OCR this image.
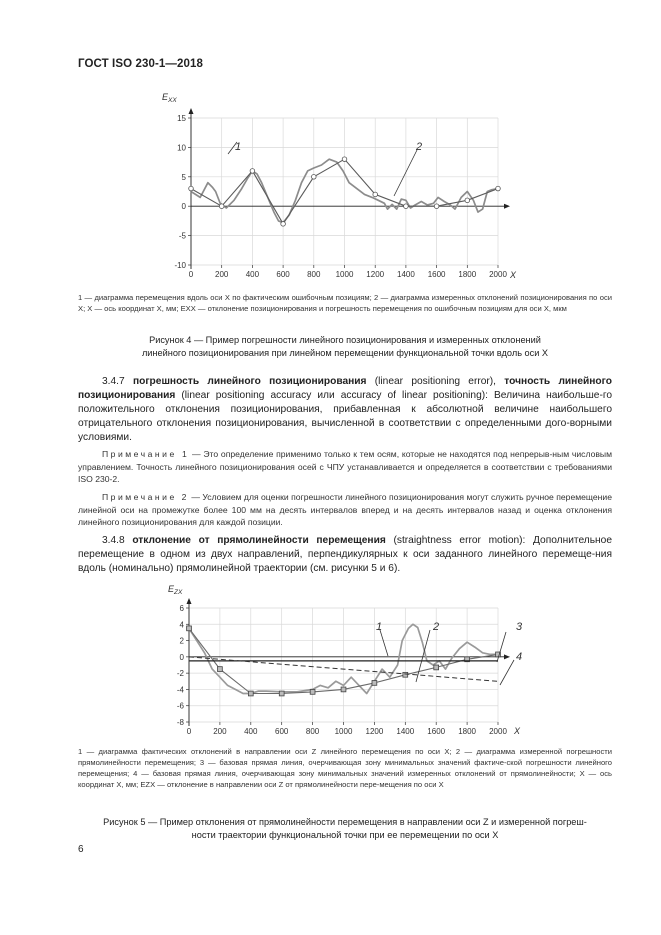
ГОСТ ISO 230-1—2018
-10
-5
0
5
10
15
0	200 400 600 800 1000 1200 1400 1600 1800 2000
$E_{XX}$
X
1	2
1 — диаграмма перемещения вдоль оси X по фактическим ошибочным позициям; 2 — диаграмма измеренных отклонений позиционирования по оси X; X — ось координат X, мм; EXX — отклонение позиционирования и погрешность перемещения по ошибочным позициям для оси X, мкм
Рисунок 4 — Пример погрешности линейного позиционирования и измеренных отклонений
линейного позиционирования при линейном перемещении функциональной точки вдоль оси X
3.4.7 погрешность линейного позиционирования (linear positioning error), точность линейного позиционирования (linear positioning accuracy или accuracy of linear positioning): Величина наибольше-го положительного отклонения позиционирования, прибавленная к абсолютной величине наибольшего отрицательного отклонения позиционирования, вычисленной в соответствии с определенными дого-ворными условиями.
Примечание 1 — Это определение применимо только к тем осям, которые не находятся под непрерыв-ным числовым управлением. Точность линейного позиционирования осей с ЧПУ устанавливается и определяется в соответствии с требованиями ISO 230-2.
Примечание 2 — Условием для оценки погрешности линейного позиционирования могут служить ручное перемещение линейной оси на промежутке более 100 мм на десять интервалов вперед и на десять интервалов назад и оценка отклонения линейного позиционирования для каждой позиции.
3.4.8 отклонение от прямолинейности перемещения (straightness error motion): Дополнительное перемещение в одном из двух направлений, перпендикулярных к оси заданного линейного перемеще-ния вдоль (номинально) прямолинейной траектории (см. рисунки 5 и 6).
-8
-6
-4
-2
0
2
4
6
0	200 400 600 800 1000 1200 1400 1600 1800 2000
$E_{ZX}$
X
1	2	3
4
1 — диаграмма фактических отклонений в направлении оси Z линейного перемещения по оси X; 2 — диаграмма измеренной погрешности прямолинейности перемещения; 3 — базовая прямая линия, очерчивающая зону минимальных значений фактиче-ской погрешности линейного перемещения; 4 — базовая прямая линия, очерчивающая зону минимальных значений измеренных отклонений от прямолинейности; X — ось координат X, мм; EZX — отклонение в направлении оси Z от прямолинейности пере-мещения по оси X
Рисунок 5 — Пример отклонения от прямолинейности перемещения в направлении оси Z и измеренной погреш-
ности траектории функциональной точки при ее перемещении по оси X
6
